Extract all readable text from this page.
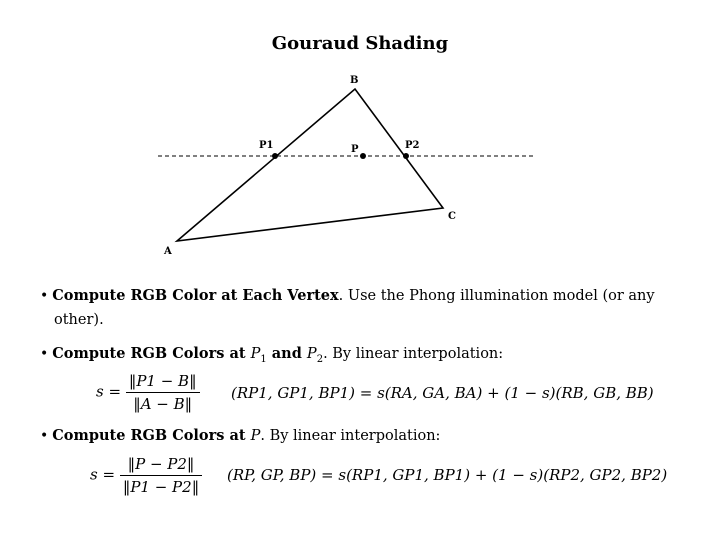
Gouraud Shading
A
B
C
P1	P	P2
• Compute RGB Color at Each Vertex. Use the Phong illumination model (or any
other).
• Compute RGB Colors at $P_1$ and $P_2$. By linear interpolation:
$s = \frac{‖P1 - B‖}{‖A - B‖} (RP1$, GP1, BP1) = s(RA, GA, BA) + (1 − s)(RB, GB, BB)
• Compute RGB Colors at P. By linear interpolation:
$s = \frac{‖P - P2‖}{‖P1 - P2‖} (RP$, GP, BP) = s(RP1, GP1, BP1) + (1 − s)(RP2, GP2, BP2)
